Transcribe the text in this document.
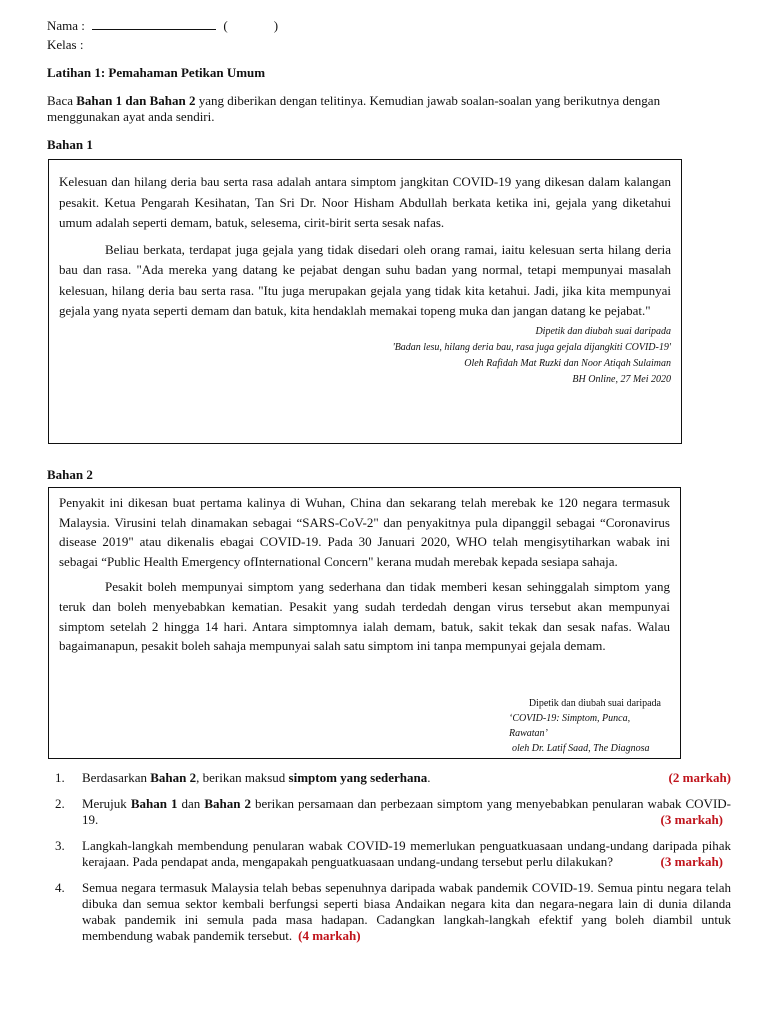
Nama :	(	)
Kelas :
Latihan 1: Pemahaman Petikan Umum
Baca Bahan 1 dan Bahan 2 yang diberikan dengan telitinya. Kemudian jawab soalan-soalan yang berikutnya dengan menggunakan ayat anda sendiri.
Bahan 1

Kelesuan dan hilang deria bau serta rasa adalah antara simptom jangkitan COVID-19 yang dikesan dalam kalangan pesakit. Ketua Pengarah Kesihatan, Tan Sri Dr. Noor Hisham Abdullah berkata ketika ini, gejala yang diketahui umum adalah seperti demam, batuk, selesema, cirit-birit serta sesak nafas.

Beliau berkata, terdapat juga gejala yang tidak disedari oleh orang ramai, iaitu kelesuan serta hilang deria bau dan rasa. "Ada mereka yang datang ke pejabat dengan suhu badan yang normal, tetapi mempunyai masalah kelesuan, hilang deria bau serta rasa. "Itu juga merupakan gejala yang tidak kita ketahui. Jadi, jika kita mempunyai gejala yang nyata seperti demam dan batuk, kita hendaklah memakai topeng muka dan jangan datang ke pejabat."

Dipetik dan diubah suai daripada
'Badan lesu, hilang deria bau, rasa juga gejala dijangkiti COVID-19'
Oleh Rafidah Mat Ruzki dan Noor Atiqah Sulaiman
BH Online, 27 Mei 2020
Bahan 2

Penyakit ini dikesan buat pertama kalinya di Wuhan, China dan sekarang telah merebak ke 120 negara termasuk Malaysia. Virusini telah dinamakan sebagai “SARS-CoV-2" dan penyakitnya pula dipanggil sebagai “Coronavirus disease 2019" atau dikenalis ebagai COVID-19. Pada 30 Januari 2020, WHO telah mengisytiharkan wabak ini sebagai “Public Health Emergency ofInternational Concern" kerana mudah merebak kepada sesiapa sahaja.

Pesakit boleh mempunyai simptom yang sederhana dan tidak memberi kesan sehinggalah simptom yang teruk dan boleh menyebabkan kematian. Pesakit yang sudah terdedah dengan virus tersebut akan mempunyai simptom setelah 2 hingga 14 hari. Antara simptomnya ialah demam, batuk, sakit tekak dan sesak nafas. Walau bagaimanapun, pesakit boleh sahaja mempunyai salah satu simptom ini tanpa mempunyai gejala demam.

Dipetik dan diubah suai daripada
‘COVID-19: Simptom, Punca, Rawatan’
oleh Dr. Latif Saad, The Diagnosa
1.	(2 markah)
Berdasarkan Bahan 2, berikan maksud simptom yang sederhana.
2. Merujuk Bahan 1 dan Bahan 2 berikan persamaan dan perbezaan simptom yang menyebabkan penularan wabak COVID-19.	(3 markah)
3. Langkah-langkah membendung penularan wabak COVID-19 memerlukan penguatkuasaan undang-undang daripada pihak kerajaan. Pada pendapat anda, mengapakah penguatkuasaan undang-undang tersebut perlu dilakukan?	(3 markah)
4. Semua negara termasuk Malaysia telah bebas sepenuhnya daripada wabak pandemik COVID-19. Semua pintu negara telah dibuka dan semua sektor kembali berfungsi seperti biasa Andaikan negara kita dan negara-negara lain di dunia dilanda wabak pandemik ini semula pada masa hadapan. Cadangkan langkah-langkah efektif yang boleh diambil untuk membendung wabak pandemik tersebut. (4 markah)
